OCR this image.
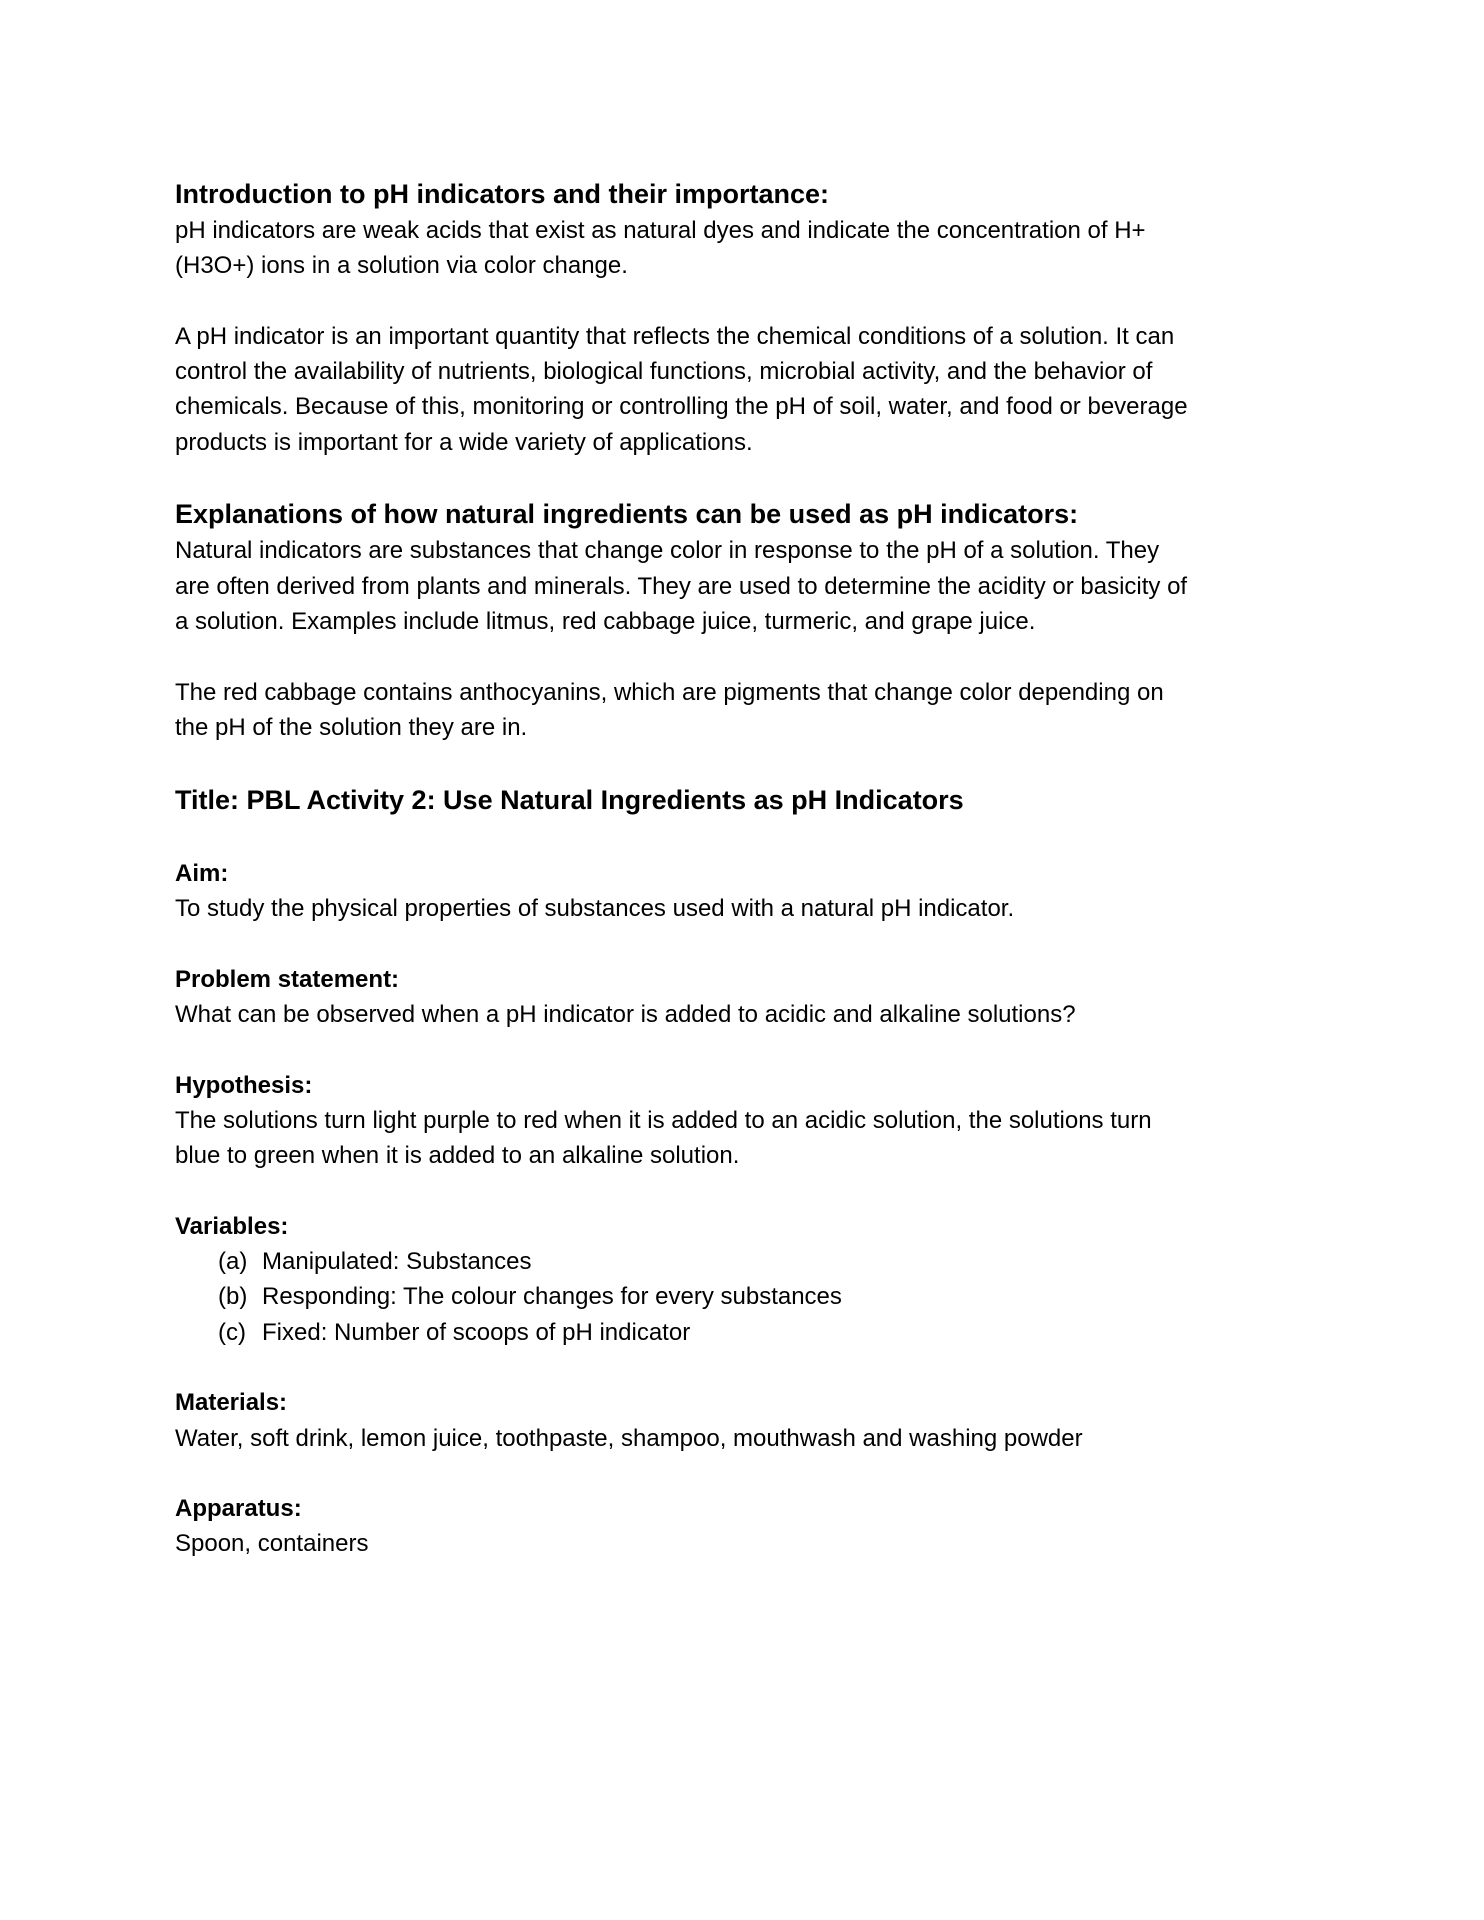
Introduction to pH indicators and their importance:
pH indicators are weak acids that exist as natural dyes and indicate the concentration of H+
(H3O+) ions in a solution via color change.
A pH indicator is an important quantity that reflects the chemical conditions of a solution. It can
control the availability of nutrients, biological functions, microbial activity, and the behavior of
chemicals. Because of this, monitoring or controlling the pH of soil, water, and food or beverage
products is important for a wide variety of applications.
Explanations of how natural ingredients can be used as pH indicators:
Natural indicators are substances that change color in response to the pH of a solution. They
are often derived from plants and minerals. They are used to determine the acidity or basicity of
a solution. Examples include litmus, red cabbage juice, turmeric, and grape juice.
The red cabbage contains anthocyanins, which are pigments that change color depending on
the pH of the solution they are in.
Title: PBL Activity 2: Use Natural Ingredients as pH Indicators
Aim:
To study the physical properties of substances used with a natural pH indicator.
Problem statement:
What can be observed when a pH indicator is added to acidic and alkaline solutions?
Hypothesis:
The solutions turn light purple to red when it is added to an acidic solution, the solutions turn
blue to green when it is added to an alkaline solution.
Variables:
(a) Manipulated: Substances
(b) Responding: The colour changes for every substances
(c) Fixed: Number of scoops of pH indicator
Materials:
Water, soft drink, lemon juice, toothpaste, shampoo, mouthwash and washing powder
Apparatus:
Spoon, containers
